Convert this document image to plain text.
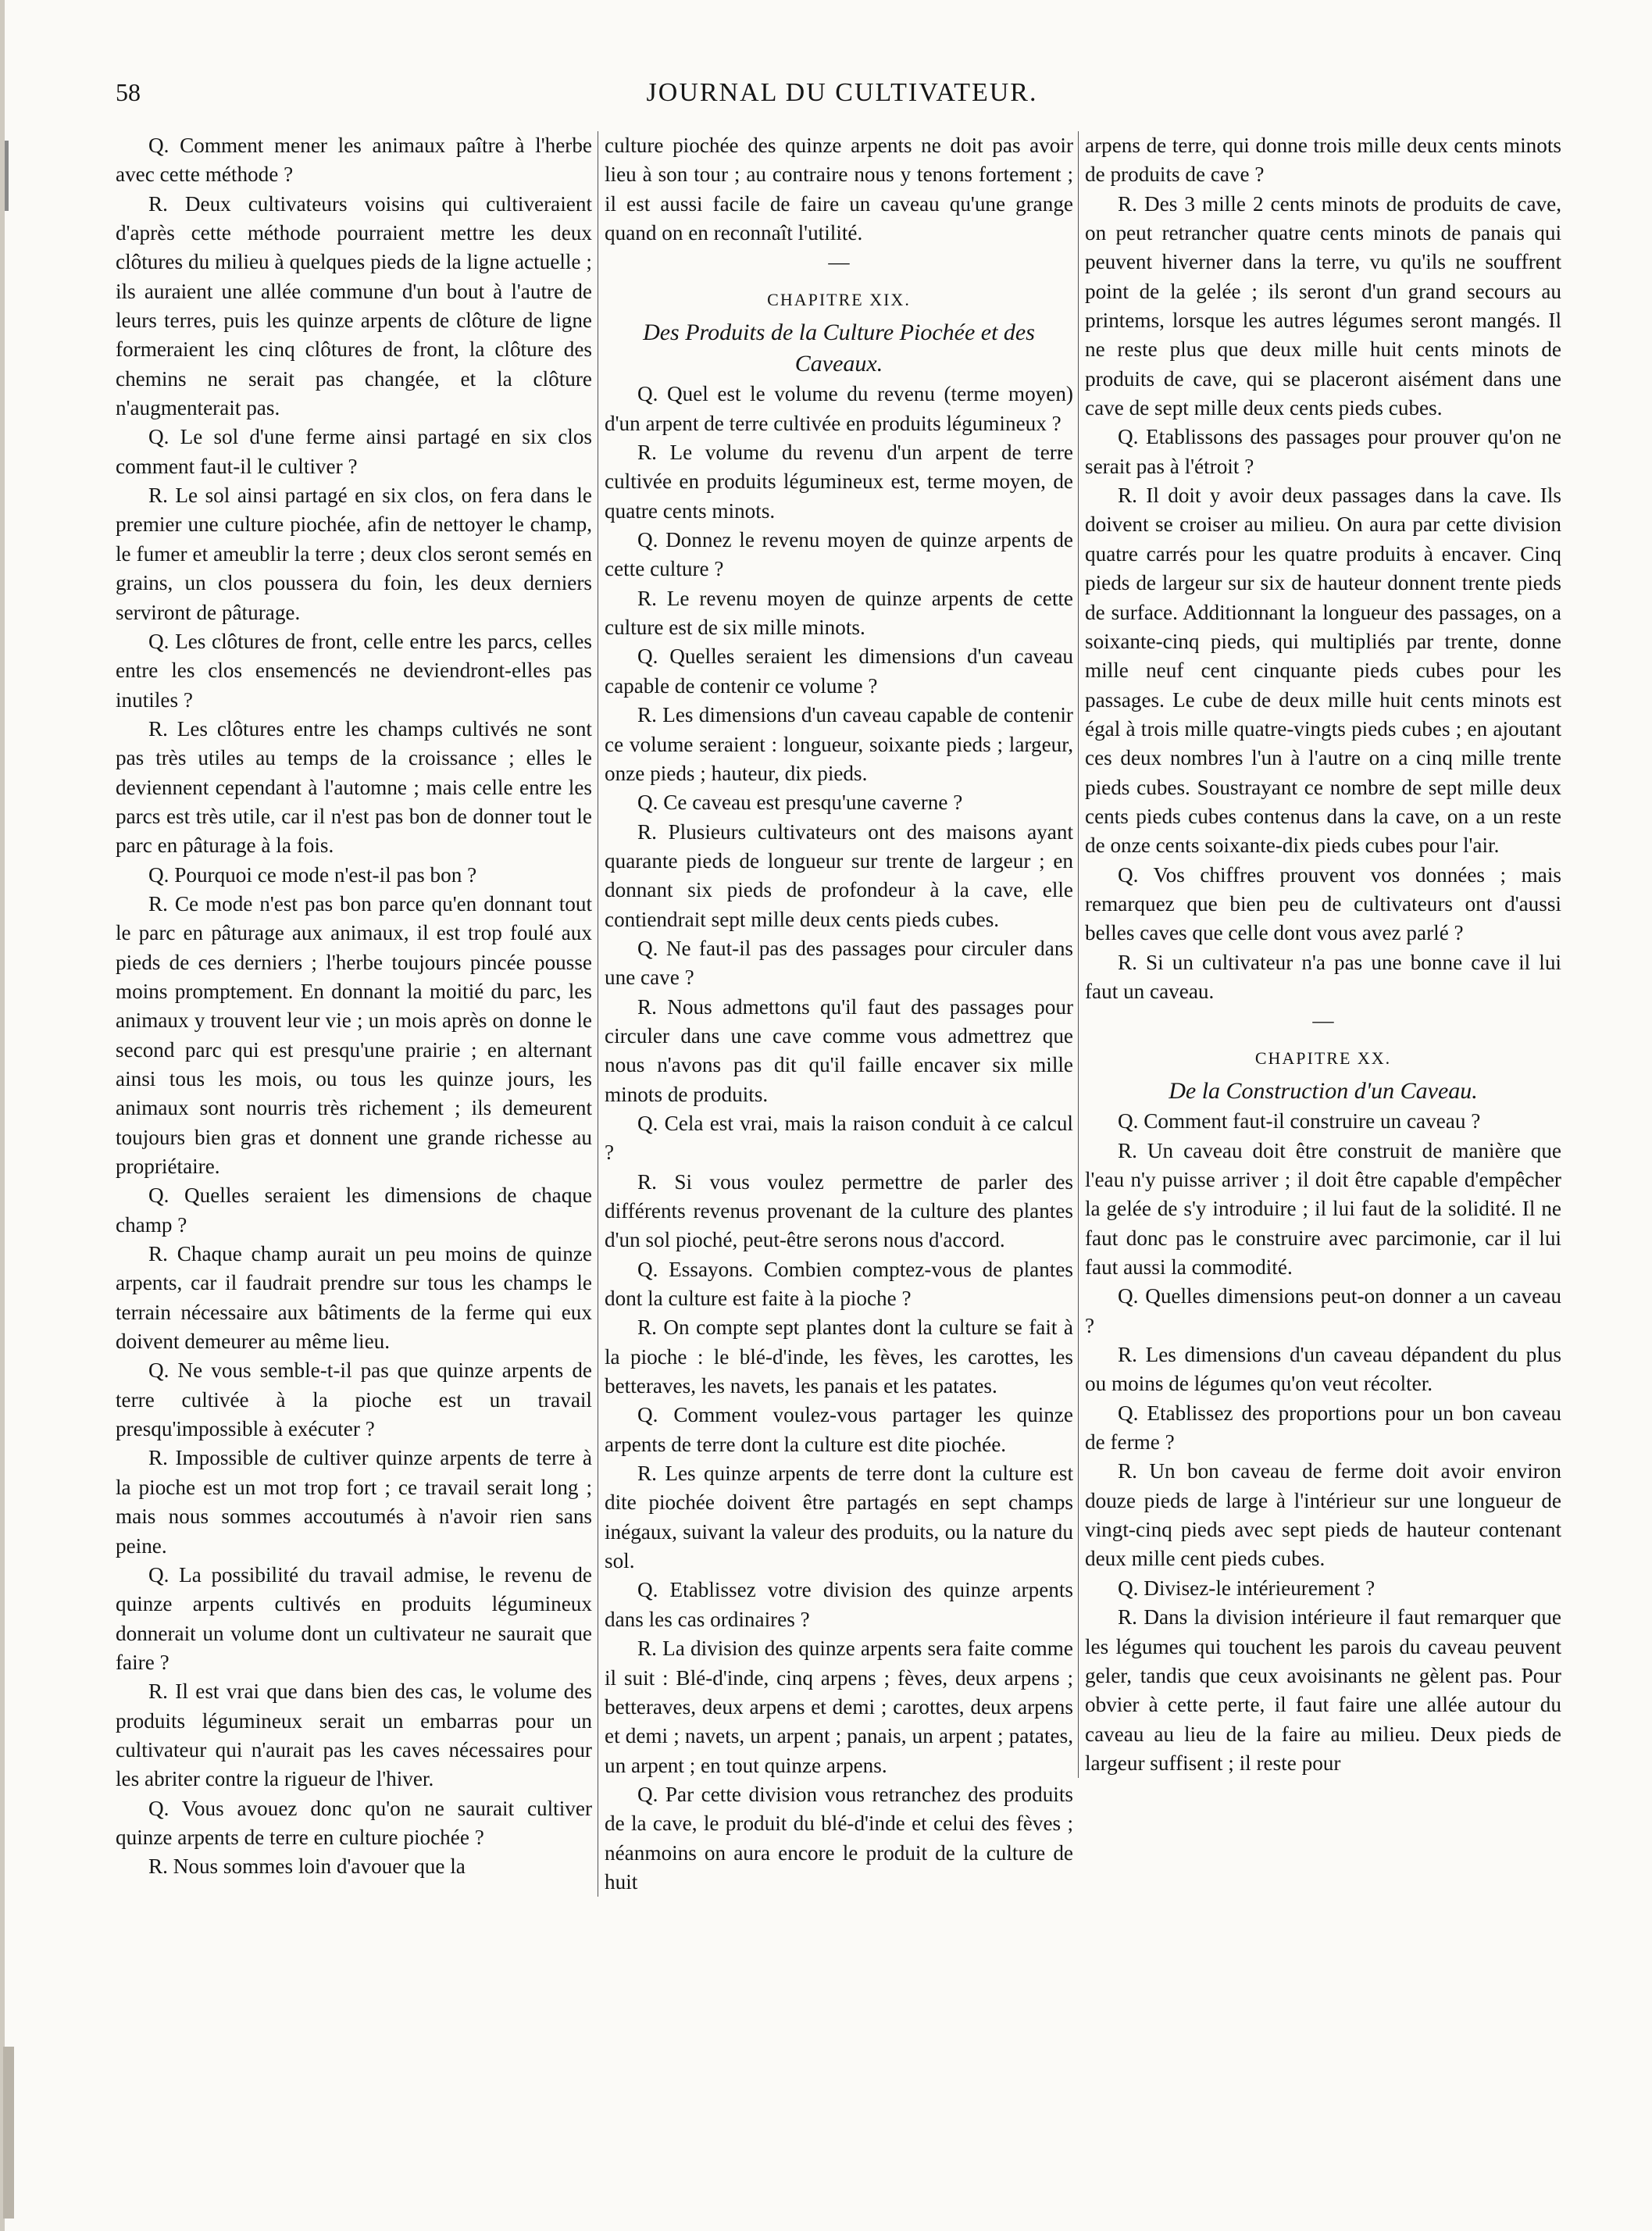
58	JOURNAL DU CULTIVATEUR.

Q. Comment mener les animaux paître à l'herbe avec cette méthode ?

R. Deux cultivateurs voisins qui cultiveraient d'après cette méthode pourraient mettre les deux clôtures du milieu à quelques pieds de la ligne actuelle ; ils auraient une allée commune d'un bout à l'autre de leurs terres, puis les quinze arpents de clôture de ligne formeraient les cinq clôtures de front, la clôture des chemins ne serait pas changée, et la clôture n'augmenterait pas.

Q. Le sol d'une ferme ainsi partagé en six clos comment faut-il le cultiver ?

R. Le sol ainsi partagé en six clos, on fera dans le premier une culture piochée, afin de nettoyer le champ, le fumer et ameublir la terre ; deux clos seront semés en grains, un clos poussera du foin, les deux derniers serviront de pâturage.

Q. Les clôtures de front, celle entre les parcs, celles entre les clos ensemencés ne deviendront-elles pas inutiles ?

R. Les clôtures entre les champs cultivés ne sont pas très utiles au temps de la croissance ; elles le deviennent cependant à l'automne ; mais celle entre les parcs est très utile, car il n'est pas bon de donner tout le parc en pâturage à la fois.

Q. Pourquoi ce mode n'est-il pas bon ?

R. Ce mode n'est pas bon parce qu'en donnant tout le parc en pâturage aux animaux, il est trop foulé aux pieds de ces derniers ; l'herbe toujours pincée pousse moins promptement. En donnant la moitié du parc, les animaux y trouvent leur vie ; un mois après on donne le second parc qui est presqu'une prairie ; en alternant ainsi tous les mois, ou tous les quinze jours, les animaux sont nourris très richement ; ils demeurent toujours bien gras et donnent une grande richesse au propriétaire.

Q. Quelles seraient les dimensions de chaque champ ?

R. Chaque champ aurait un peu moins de quinze arpents, car il faudrait prendre sur tous les champs le terrain nécessaire aux bâtiments de la ferme qui eux doivent demeurer au même lieu.

Q. Ne vous semble-t-il pas que quinze arpents de terre cultivée à la pioche est un travail presqu'impossible à exécuter ?

R. Impossible de cultiver quinze arpents de terre à la pioche est un mot trop fort ; ce travail serait long ; mais nous sommes accoutumés à n'avoir rien sans peine.

Q. La possibilité du travail admise, le revenu de quinze arpents cultivés en produits légumineux donnerait un volume dont un cultivateur ne saurait que faire ?

R. Il est vrai que dans bien des cas, le volume des produits légumineux serait un embarras pour un cultivateur qui n'aurait pas les caves nécessaires pour les abriter contre la rigueur de l'hiver.

Q. Vous avouez donc qu'on ne saurait cultiver quinze arpents de terre en culture piochée ?

R. Nous sommes loin d'avouer que la

culture piochée des quinze arpents ne doit pas avoir lieu à son tour ; au contraire nous y tenons fortement ; il est aussi facile de faire un caveau qu'une grange quand on en reconnaît l'utilité.

—
CHAPITRE XIX.
Des Produits de la Culture Piochée et des Caveaux.

Q. Quel est le volume du revenu (terme moyen) d'un arpent de terre cultivée en produits légumineux ?

R. Le volume du revenu d'un arpent de terre cultivée en produits légumineux est, terme moyen, de quatre cents minots.

Q. Donnez le revenu moyen de quinze arpents de cette culture ?

R. Le revenu moyen de quinze arpents de cette culture est de six mille minots.

Q. Quelles seraient les dimensions d'un caveau capable de contenir ce volume ?

R. Les dimensions d'un caveau capable de contenir ce volume seraient : longueur, soixante pieds ; largeur, onze pieds ; hauteur, dix pieds.

Q. Ce caveau est presqu'une caverne ?

R. Plusieurs cultivateurs ont des maisons ayant quarante pieds de longueur sur trente de largeur ; en donnant six pieds de profondeur à la cave, elle contiendrait sept mille deux cents pieds cubes.

Q. Ne faut-il pas des passages pour circuler dans une cave ?

R. Nous admettons qu'il faut des passages pour circuler dans une cave comme vous admettrez que nous n'avons pas dit qu'il faille encaver six mille minots de produits.

Q. Cela est vrai, mais la raison conduit à ce calcul ?

R. Si vous voulez permettre de parler des différents revenus provenant de la culture des plantes d'un sol pioché, peut-être serons nous d'accord.

Q. Essayons. Combien comptez-vous de plantes dont la culture est faite à la pioche ?

R. On compte sept plantes dont la culture se fait à la pioche : le blé-d'inde, les fèves, les carottes, les betteraves, les navets, les panais et les patates.

Q. Comment voulez-vous partager les quinze arpents de terre dont la culture est dite piochée.

R. Les quinze arpents de terre dont la culture est dite piochée doivent être partagés en sept champs inégaux, suivant la valeur des produits, ou la nature du sol.

Q. Etablissez votre division des quinze arpents dans les cas ordinaires ?

R. La division des quinze arpents sera faite comme il suit : Blé-d'inde, cinq arpens ; fèves, deux arpens ; betteraves, deux arpens et demi ; carottes, deux arpens et demi ; navets, un arpent ; panais, un arpent ; patates, un arpent ; en tout quinze arpens.

Q. Par cette division vous retranchez des produits de la cave, le produit du blé-d'inde et celui des fèves ; néanmoins on aura encore le produit de la culture de huit

arpens de terre, qui donne trois mille deux cents minots de produits de cave ?

R. Des 3 mille 2 cents minots de produits de cave, on peut retrancher quatre cents minots de panais qui peuvent hiverner dans la terre, vu qu'ils ne souffrent point de la gelée ; ils seront d'un grand secours au printems, lorsque les autres légumes seront mangés. Il ne reste plus que deux mille huit cents minots de produits de cave, qui se placeront aisément dans une cave de sept mille deux cents pieds cubes.

Q. Etablissons des passages pour prouver qu'on ne serait pas à l'étroit ?

R. Il doit y avoir deux passages dans la cave. Ils doivent se croiser au milieu. On aura par cette division quatre carrés pour les quatre produits à encaver. Cinq pieds de largeur sur six de hauteur donnent trente pieds de surface. Additionnant la longueur des passages, on a soixante-cinq pieds, qui multipliés par trente, donne mille neuf cent cinquante pieds cubes pour les passages. Le cube de deux mille huit cents minots est égal à trois mille quatre-vingts pieds cubes ; en ajoutant ces deux nombres l'un à l'autre on a cinq mille trente pieds cubes. Soustrayant ce nombre de sept mille deux cents pieds cubes contenus dans la cave, on a un reste de onze cents soixante-dix pieds cubes pour l'air.

Q. Vos chiffres prouvent vos données ; mais remarquez que bien peu de cultivateurs ont d'aussi belles caves que celle dont vous avez parlé ?

R. Si un cultivateur n'a pas une bonne cave il lui faut un caveau.

—
CHAPITRE XX.
De la Construction d'un Caveau.

Q. Comment faut-il construire un caveau ?

R. Un caveau doit être construit de manière que l'eau n'y puisse arriver ; il doit être capable d'empêcher la gelée de s'y introduire ; il lui faut de la solidité. Il ne faut donc pas le construire avec parcimonie, car il lui faut aussi la commodité.

Q. Quelles dimensions peut-on donner a un caveau ?

R. Les dimensions d'un caveau dépandent du plus ou moins de légumes qu'on veut récolter.

Q. Etablissez des proportions pour un bon caveau de ferme ?

R. Un bon caveau de ferme doit avoir environ douze pieds de large à l'intérieur sur une longueur de vingt-cinq pieds avec sept pieds de hauteur contenant deux mille cent pieds cubes.

Q. Divisez-le intérieurement ?

R. Dans la division intérieure il faut remarquer que les légumes qui touchent les parois du caveau peuvent geler, tandis que ceux avoisinants ne gèlent pas. Pour obvier à cette perte, il faut faire une allée autour du caveau au lieu de la faire au milieu. Deux pieds de largeur suffisent ; il reste pour
